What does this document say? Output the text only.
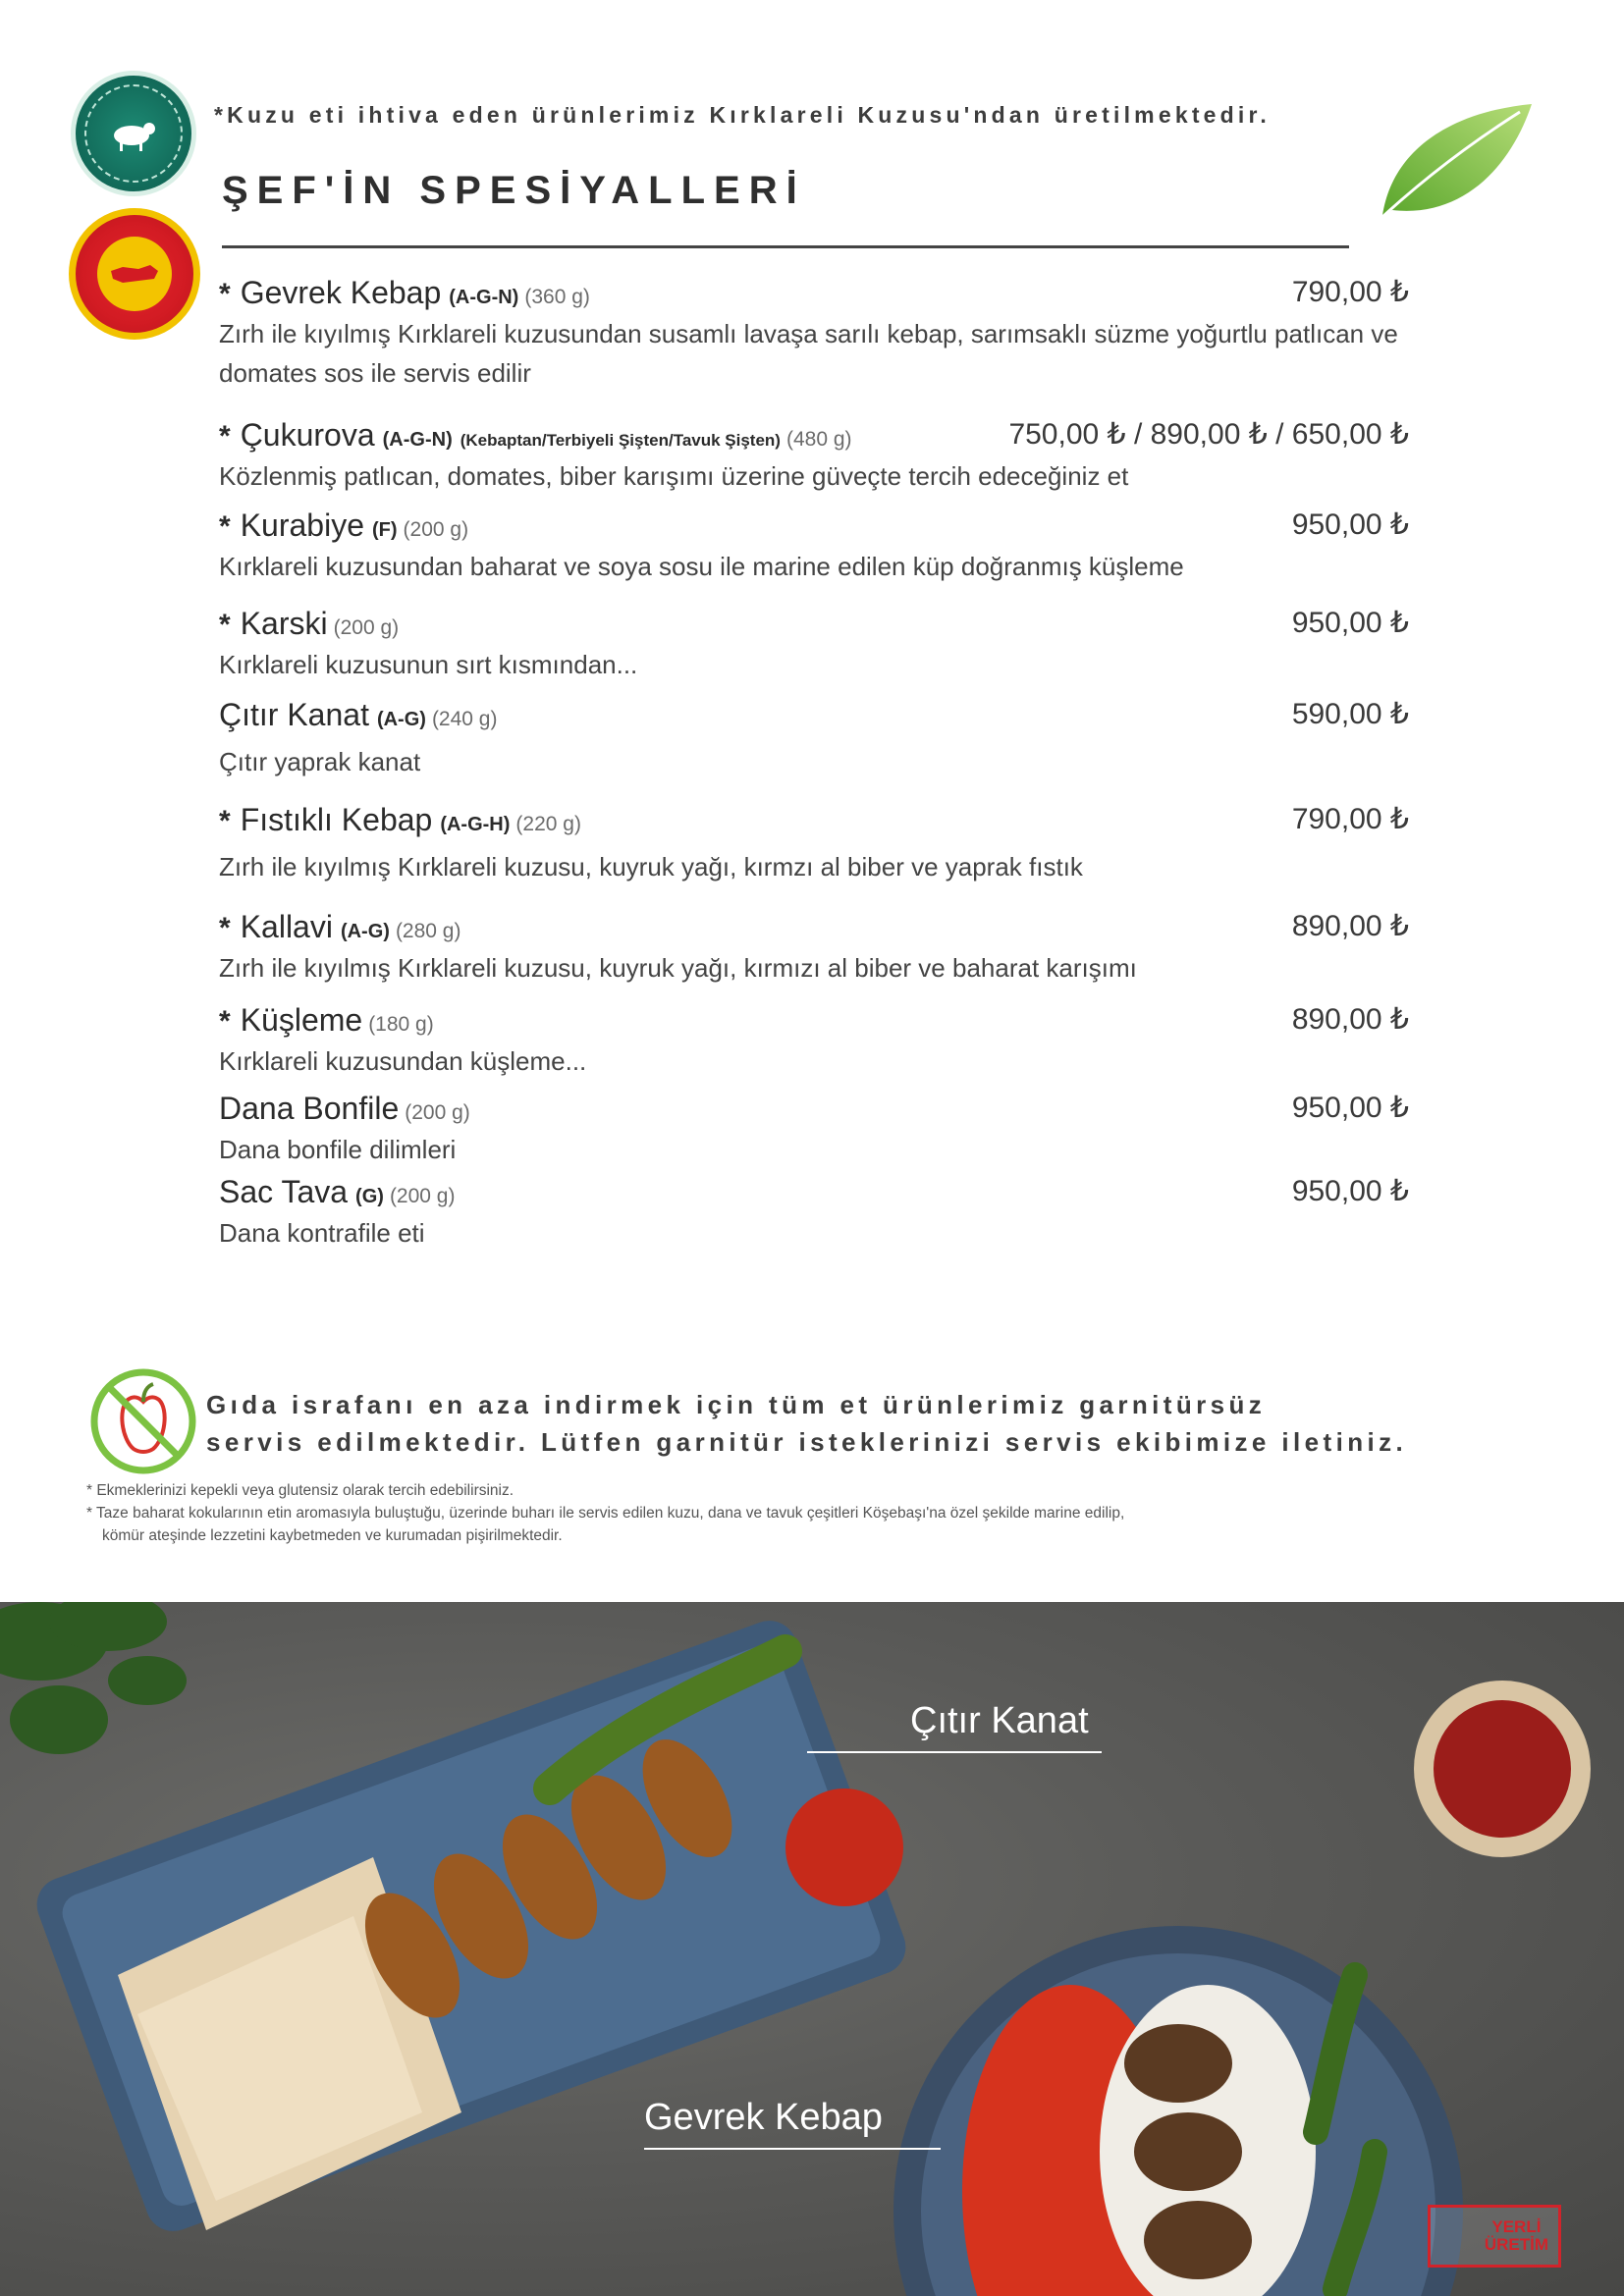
*Kuzu eti ihtiva eden ürünlerimiz Kırklareli Kuzusu'ndan üretilmektedir.
ŞEF'İN SPESİYALLERİ
* Gevrek Kebap (A-G-N) (360 g)	790,00 ₺
Zırh ile kıyılmış Kırklareli kuzusundan susamlı lavaşa sarılı kebap, sarımsaklı süzme yoğurtlu patlıcan ve domates sos ile servis edilir
* Çukurova (A-G-N) (Kebaptan/Terbiyeli Şişten/Tavuk Şişten) (480 g)	750,00 ₺ / 890,00 ₺ / 650,00 ₺
Közlenmiş patlıcan, domates, biber karışımı üzerine güveçte tercih edeceğiniz et
* Kurabiye (F) (200 g)	950,00 ₺
Kırklareli kuzusundan baharat ve soya sosu ile marine edilen küp doğranmış küşleme
* Karski (200 g)	950,00 ₺
Kırklareli kuzusunun sırt kısmından...
Çıtır Kanat (A-G) (240 g)	590,00 ₺
Çıtır yaprak kanat
* Fıstıklı Kebap (A-G-H) (220 g)	790,00 ₺
Zırh ile kıyılmış Kırklareli kuzusu, kuyruk yağı, kırmzı al biber ve yaprak fıstık
* Kallavi (A-G) (280 g)	890,00 ₺
Zırh ile kıyılmış Kırklareli kuzusu, kuyruk yağı, kırmızı al biber ve baharat karışımı
* Küşleme (180 g)	890,00 ₺
Kırklareli kuzusundan küşleme...
Dana Bonfile (200 g)	950,00 ₺
Dana bonfile dilimleri
Sac Tava (G) (200 g)	950,00 ₺
Dana kontrafile eti
Gıda israfanı en aza indirmek için tüm et ürünlerimiz garnitürsüz
servis edilmektedir. Lütfen garnitür isteklerinizi servis ekibimize iletiniz.
* Ekmeklerinizi kepekli veya glutensiz olarak tercih edebilirsiniz.
* Taze baharat kokularının etin aromasıyla buluştuğu, üzerinde buharı ile servis edilen kuzu, dana ve tavuk çeşitleri Köşebaşı'na özel şekilde marine edilip,
kömür ateşinde lezzetini kaybetmeden ve kurumadan pişirilmektedir.
Çıtır Kanat
Gevrek Kebap
YERLİ
ÜRETİM
